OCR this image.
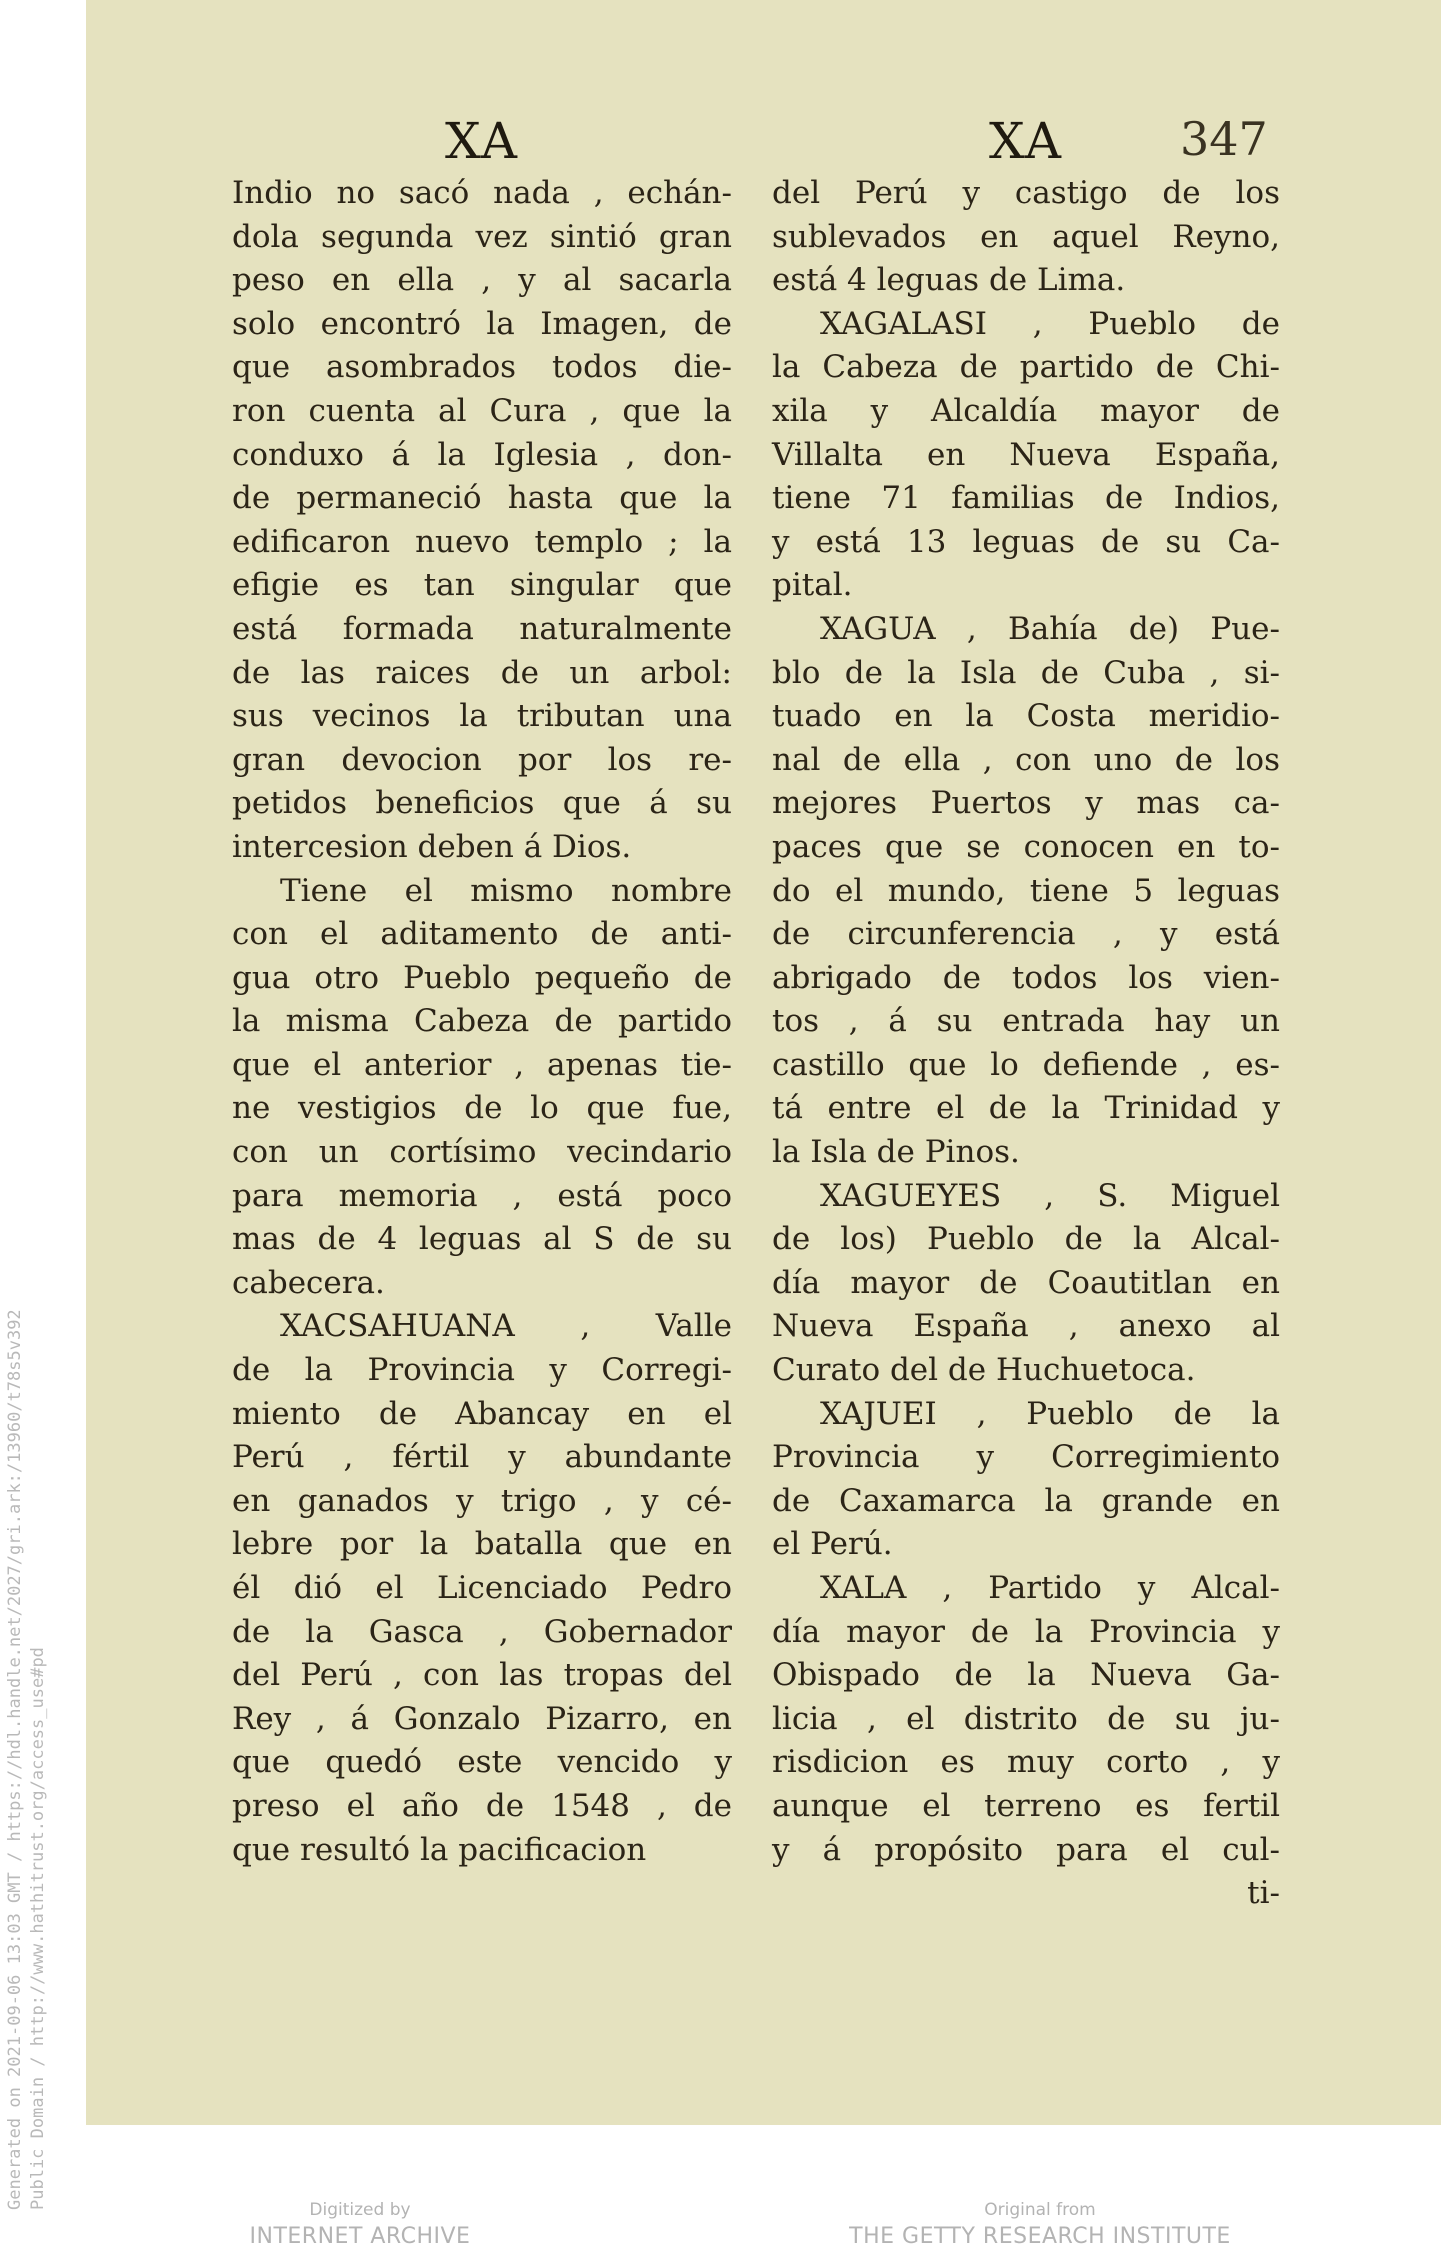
XA
Indio no sacó nada , echán-
dola segunda vez sintió gran
peso en ella , y al sacarla
solo encontró la Imagen, de
que asombrados todos die-
ron cuenta al Cura , que la
conduxo á la Iglesia , don-
de permaneció hasta que la
edificaron nuevo templo ; la
efigie es tan singular que
está formada naturalmente
de las raices de un arbol:
sus vecinos la tributan una
gran devocion por los re-
petidos beneficios que á su
intercesion deben á Dios.
Tiene el mismo nombre
con el aditamento de anti-
gua otro Pueblo pequeño de
la misma Cabeza de partido
que el anterior , apenas tie-
ne vestigios de lo que fue,
con un cortísimo vecindario
para memoria , está poco
mas de 4 leguas al S de su
cabecera.
XACSAHUANA , Valle
de la Provincia y Corregi-
miento de Abancay en el
Perú , fértil y abundante
en ganados y trigo , y cé-
lebre por la batalla que en
él dió el Licenciado Pedro
de la Gasca , Gobernador
del Perú , con las tropas del
Rey , á Gonzalo Pizarro, en
que quedó este vencido y
preso el año de 1548 , de
que resultó la pacificacion
XA
del Perú y castigo de los
sublevados en aquel Reyno,
está 4 leguas de Lima.
XAGALASI , Pueblo de
la Cabeza de partido de Chi-
xila y Alcaldía mayor de
Villalta en Nueva España,
tiene 71 familias de Indios,
y está 13 leguas de su Ca-
pital.
XAGUA , Bahía de) Pue-
blo de la Isla de Cuba , si-
tuado en la Costa meridio-
nal de ella , con uno de los
mejores Puertos y mas ca-
paces que se conocen en to-
do el mundo, tiene 5 leguas
de circunferencia , y está
abrigado de todos los vien-
tos , á su entrada hay un
castillo que lo defiende , es-
tá entre el de la Trinidad y
la Isla de Pinos.
XAGUEYES , S. Miguel
de los) Pueblo de la Alcal-
día mayor de Coautitlan en
Nueva España , anexo al
Curato del de Huchuetoca.
XAJUEI , Pueblo de la
Provincia y Corregimiento
de Caxamarca la grande en
el Perú.
XALA , Partido y Alcal-
día mayor de la Provincia y
Obispado de la Nueva Ga-
licia , el distrito de su ju-
risdicion es muy corto , y
aunque el terreno es fertil
y á propósito para el cul-
ti-
347
Generated on 2021-09-06 13:03 GMT / https://hdl.handle.net/2027/gri.ark:/13960/t78s5v392 Public Domain / http://www.hathitrust.org/access_use#pd	Digitized by
INTERNET ARCHIVE
Original from
THE GETTY RESEARCH INSTITUTE
